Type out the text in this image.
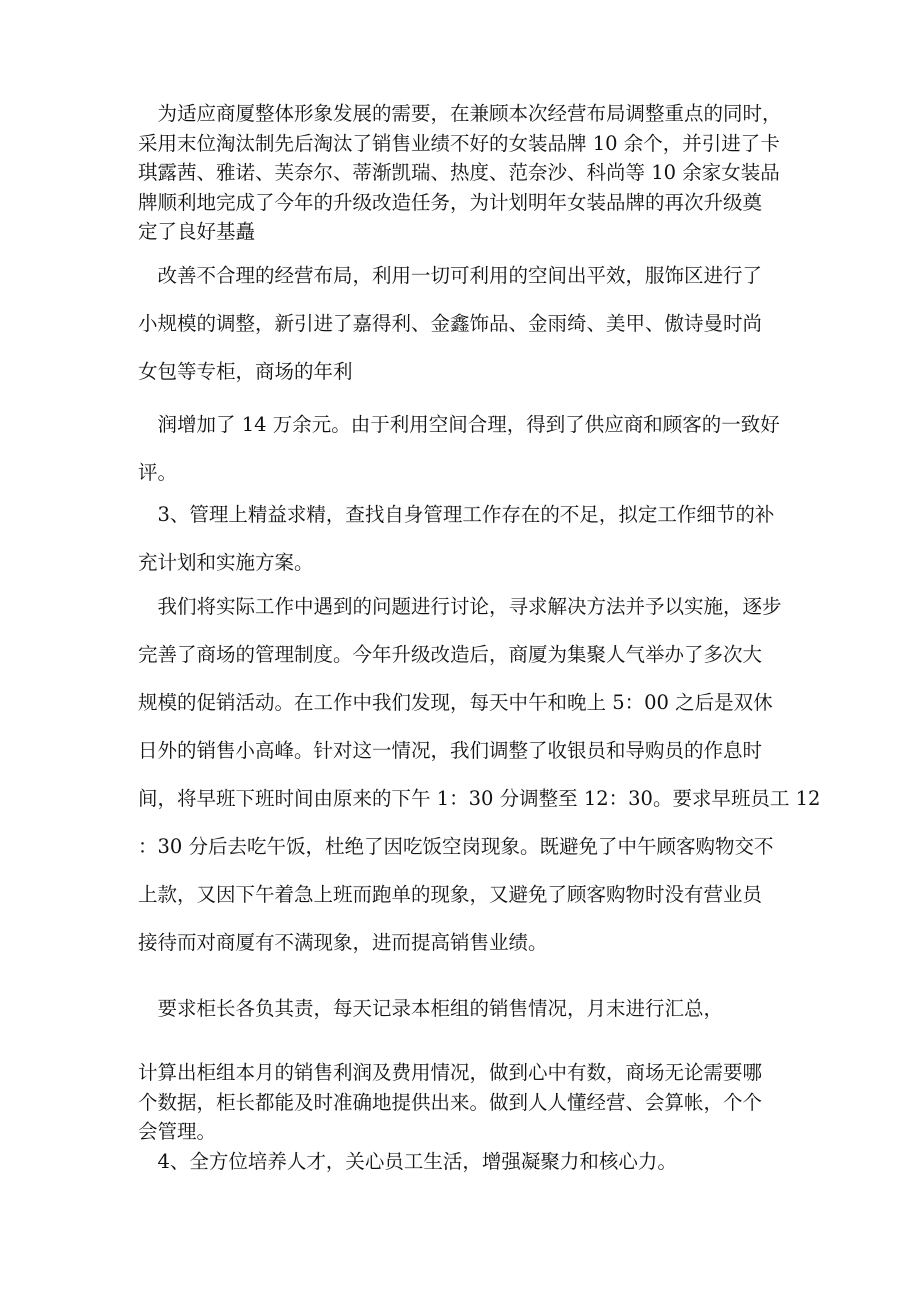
　为适应商厦整体形象发展的需要，在兼顾本次经营布局调整重点的同时，
采用末位淘汰制先后淘汰了销售业绩不好的女装品牌 10 余个，并引进了卡
琪露茜、雅诺、芙奈尔、蒂渐凯瑞、热度、范奈沙、科尚等 10 余家女装品
牌顺利地完成了今年的升级改造任务，为计划明年女装品牌的再次升级奠
定了良好基矗
　改善不合理的经营布局，利用一切可利用的空间出平效，服饰区进行了
小规模的调整，新引进了嘉得利、金鑫饰品、金雨绮、美甲、傲诗曼时尚
女包等专柜，商场的年利
　润增加了 14 万余元。由于利用空间合理，得到了供应商和顾客的一致好
评。
　3、管理上精益求精，查找自身管理工作存在的不足，拟定工作细节的补
充计划和实施方案。
　我们将实际工作中遇到的问题进行讨论，寻求解决方法并予以实施，逐步
完善了商场的管理制度。今年升级改造后，商厦为集聚人气举办了多次大
规模的促销活动。在工作中我们发现，每天中午和晚上 5：00 之后是双休
日外的销售小高峰。针对这一情况，我们调整了收银员和导购员的作息时
间，将早班下班时间由原来的下午 1：30 分调整至 12：30。要求早班员工 12
：30 分后去吃午饭，杜绝了因吃饭空岗现象。既避免了中午顾客购物交不
上款，又因下午着急上班而跑单的现象，又避免了顾客购物时没有营业员
接待而对商厦有不满现象，进而提高销售业绩。
　要求柜长各负其责，每天记录本柜组的销售情况，月末进行汇总，
计算出柜组本月的销售利润及费用情况，做到心中有数，商场无论需要哪
个数据，柜长都能及时准确地提供出来。做到人人懂经营、会算帐，个个
会管理。
　4、全方位培养人才，关心员工生活，增强凝聚力和核心力。
